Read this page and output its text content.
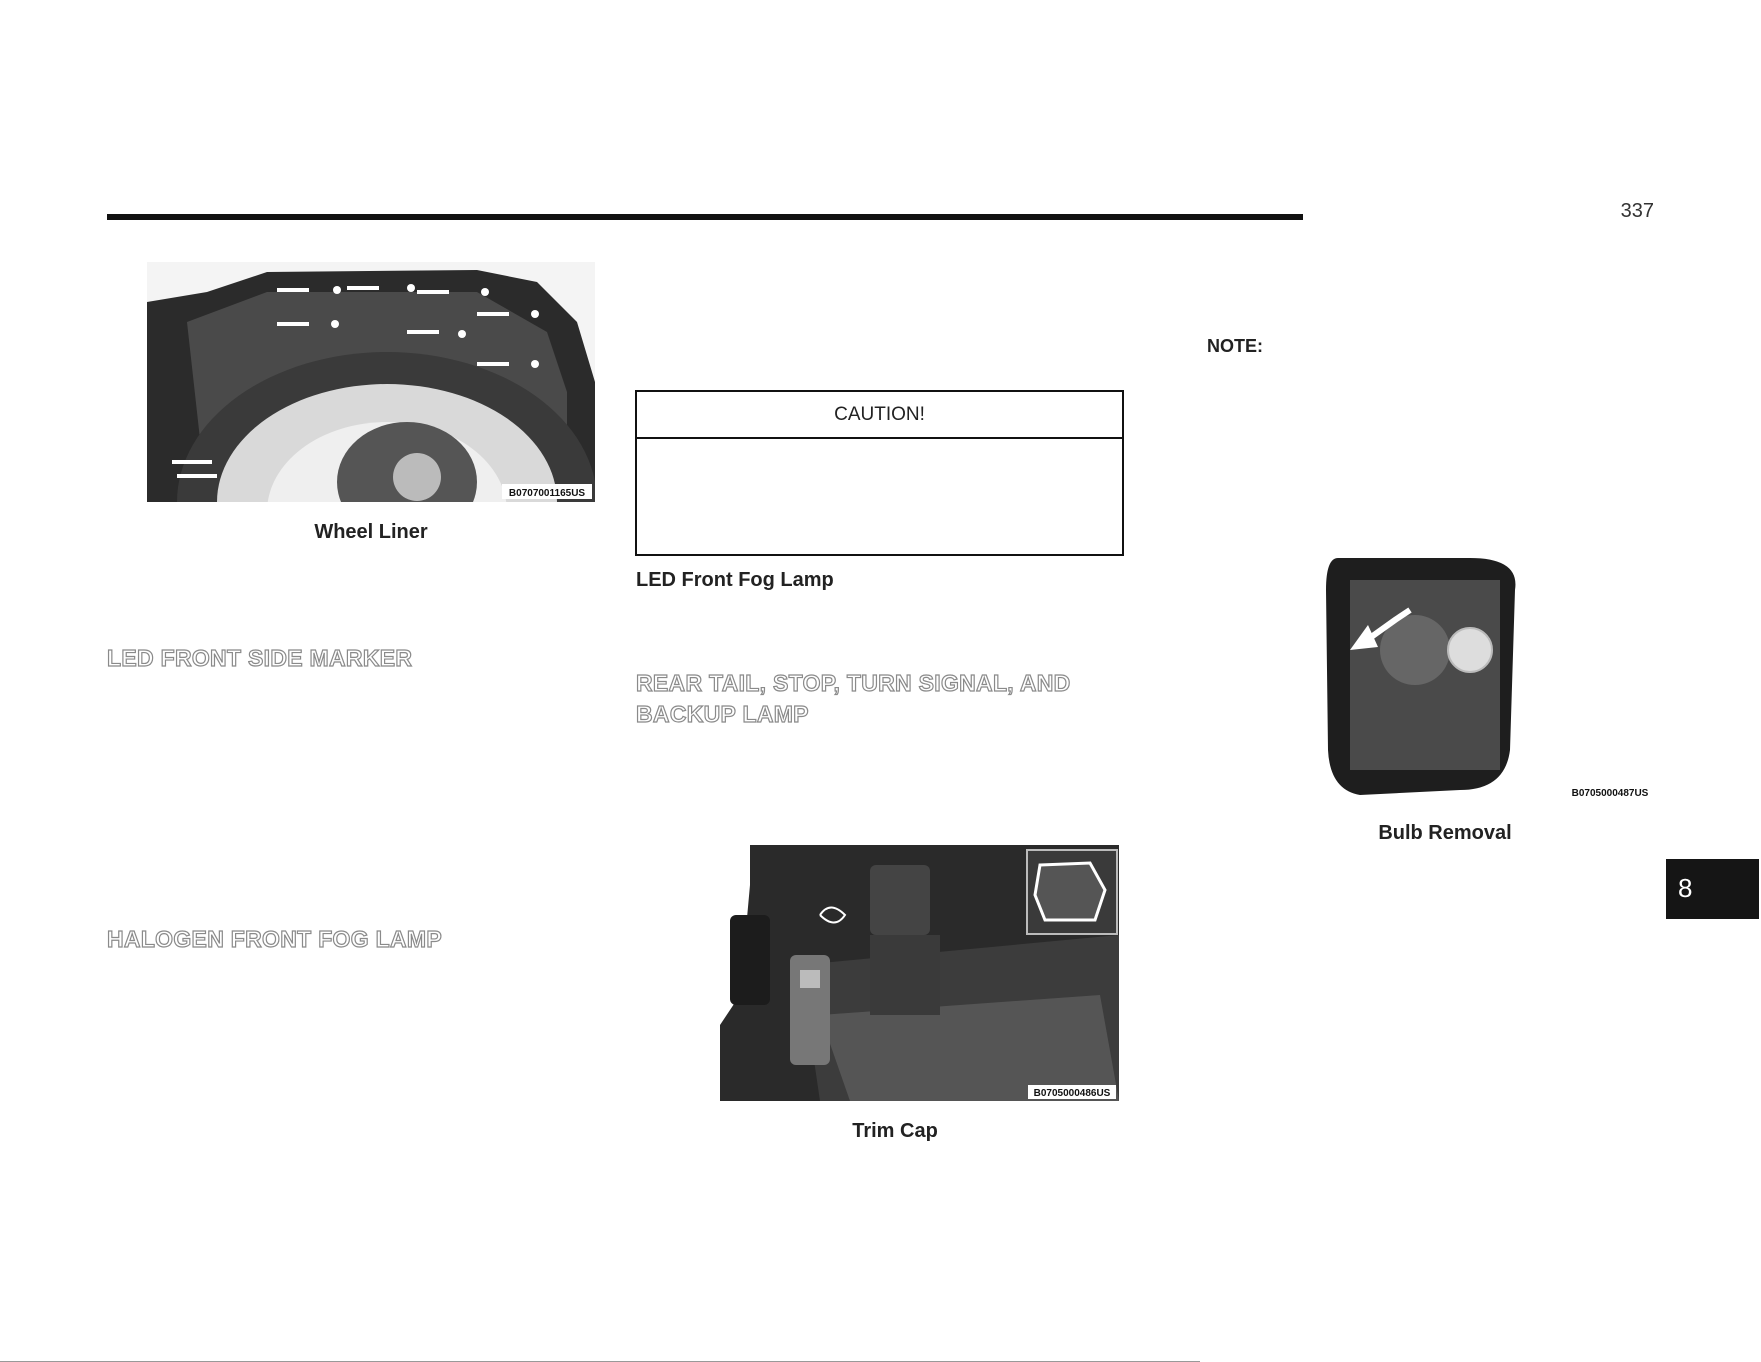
337
B0707001165US
Wheel Liner
LED FRONT SIDE MARKER
HALOGEN FRONT FOG LAMP
CAUTION!
LED Front Fog Lamp
REAR TAIL, STOP, TURN SIGNAL, AND BACKUP LAMP
B0705000486US
Trim Cap
NOTE:
B0705000487US
Bulb Removal
8
